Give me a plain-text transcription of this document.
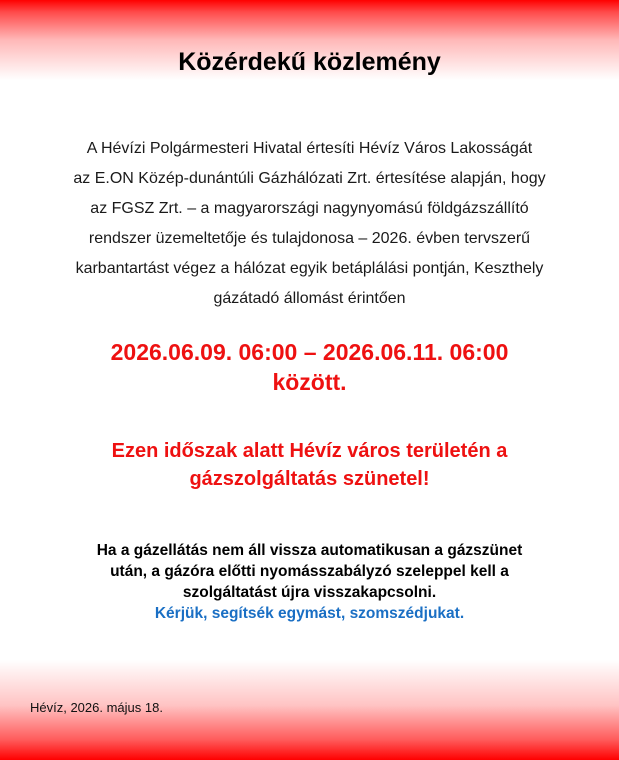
Közérdekű közlemény
A Hévízi Polgármesteri Hivatal értesíti Hévíz Város Lakosságát
az E.ON Közép-dunántúli Gázhálózati Zrt. értesítése alapján, hogy
az FGSZ Zrt. – a magyarországi nagynyomású földgázszállító
rendszer üzemeltetője és tulajdonosa – 2026. évben tervszerű
karbantartást végez a hálózat egyik betáplálási pontján, Keszthely
gázátadó állomást érintően
2026.06.09. 06:00 – 2026.06.11. 06:00
között.
Ezen időszak alatt Hévíz város területén a
gázszolgáltatás szünetel!
Ha a gázellátás nem áll vissza automatikusan a gázszünet
után, a gázóra előtti nyomásszabályzó szeleppel kell a
szolgáltatást újra visszakapcsolni.
Kérjük, segítsék egymást, szomszédjukat.
Hévíz, 2026. május 18.
